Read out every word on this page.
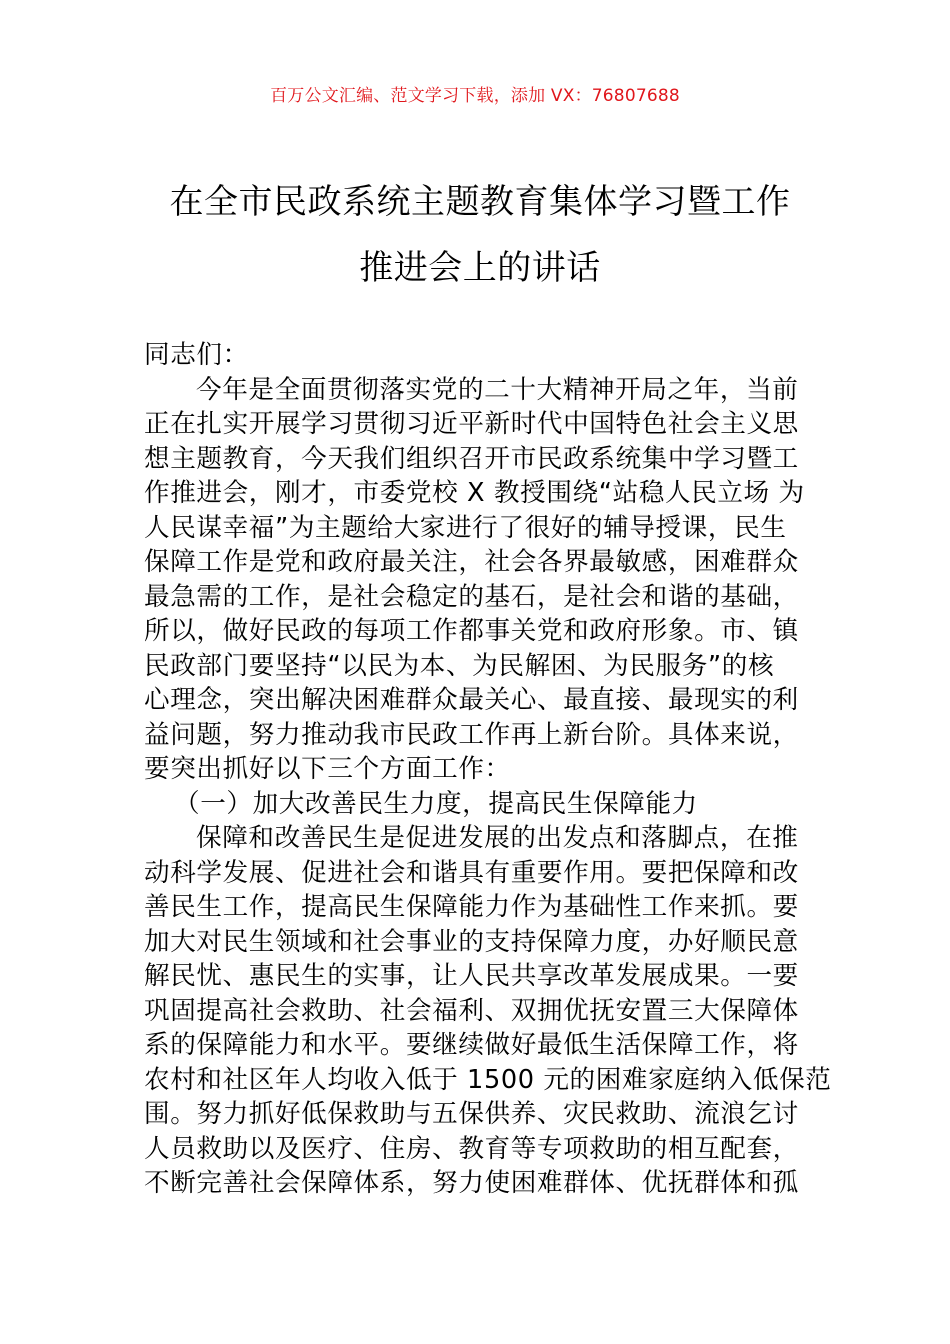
百万公文汇编、范文学习下载，添加 VX：76807688
在全市民政系统主题教育集体学习暨工作
推进会上的讲话
同志们：
今年是全面贯彻落实党的二十大精神开局之年，当前
正在扎实开展学习贯彻习近平新时代中国特色社会主义思
想主题教育，今天我们组织召开市民政系统集中学习暨工
作推进会，刚才，市委党校 X 教授围绕“站稳人民立场 为
人民谋幸福”为主题给大家进行了很好的辅导授课，民生
保障工作是党和政府最关注，社会各界最敏感，困难群众
最急需的工作，是社会稳定的基石，是社会和谐的基础，
所以，做好民政的每项工作都事关党和政府形象。市、镇
民政部门要坚持“以民为本、为民解困、为民服务”的核
心理念，突出解决困难群众最关心、最直接、最现实的利
益问题，努力推动我市民政工作再上新台阶。具体来说，
要突出抓好以下三个方面工作：
（一）加大改善民生力度，提高民生保障能力
保障和改善民生是促进发展的出发点和落脚点，在推
动科学发展、促进社会和谐具有重要作用。要把保障和改
善民生工作，提高民生保障能力作为基础性工作来抓。要
加大对民生领域和社会事业的支持保障力度，办好顺民意
解民忧、惠民生的实事，让人民共享改革发展成果。一要
巩固提高社会救助、社会福利、双拥优抚安置三大保障体
系的保障能力和水平。要继续做好最低生活保障工作，将
农村和社区年人均收入低于 1500 元的困难家庭纳入低保范
围。努力抓好低保救助与五保供养、灾民救助、流浪乞讨
人员救助以及医疗、住房、教育等专项救助的相互配套，
不断完善社会保障体系，努力使困难群体、优抚群体和孤
